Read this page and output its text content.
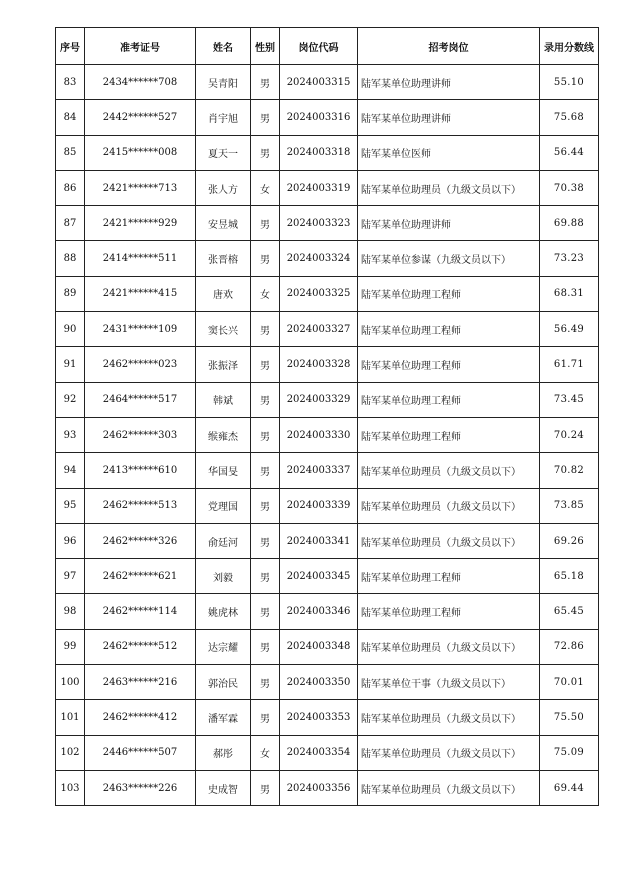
序号	准考证号	姓名	性别	岗位代码	招考岗位	录用分数线
83	2434******708	吴青阳	男	2024003315	陆军某单位助理讲师	55.10
84	2442******527	肖宇旭	男	2024003316	陆军某单位助理讲师	75.68
85	2415******008	夏天一	男	2024003318	陆军某单位医师	56.44
86	2421******713	张人方	女	2024003319	陆军某单位助理员（九级文员以下）	70.38
87	2421******929	安昱城	男	2024003323	陆军某单位助理讲师	69.88
88	2414******511	张晋榕	男	2024003324	陆军某单位参谋（九级文员以下）	73.23
89	2421******415	唐欢	女	2024003325	陆军某单位助理工程师	68.31
90	2431******109	窦长兴	男	2024003327	陆军某单位助理工程师	56.49
91	2462******023	张振泽	男	2024003328	陆军某单位助理工程师	61.71
92	2464******517	韩斌	男	2024003329	陆军某单位助理工程师	73.45
93	2462******303	缑雍杰	男	2024003330	陆军某单位助理工程师	70.24
94	2413******610	华国旻	男	2024003337	陆军某单位助理员（九级文员以下）	70.82
95	2462******513	党理国	男	2024003339	陆军某单位助理员（九级文员以下）	73.85
96	2462******326	俞廷河	男	2024003341	陆军某单位助理员（九级文员以下）	69.26
97	2462******621	刘毅	男	2024003345	陆军某单位助理工程师	65.18
98	2462******114	姚虎林	男	2024003346	陆军某单位助理工程师	65.45
99	2462******512	达宗耀	男	2024003348	陆军某单位助理员（九级文员以下）	72.86
100	2463******216	郭治民	男	2024003350	陆军某单位干事（九级文员以下）	70.01
101	2462******412	潘军霖	男	2024003353	陆军某单位助理员（九级文员以下）	75.50
102	2446******507	郝彤	女	2024003354	陆军某单位助理员（九级文员以下）	75.09
103	2463******226	史成智	男	2024003356	陆军某单位助理员（九级文员以下）	69.44
